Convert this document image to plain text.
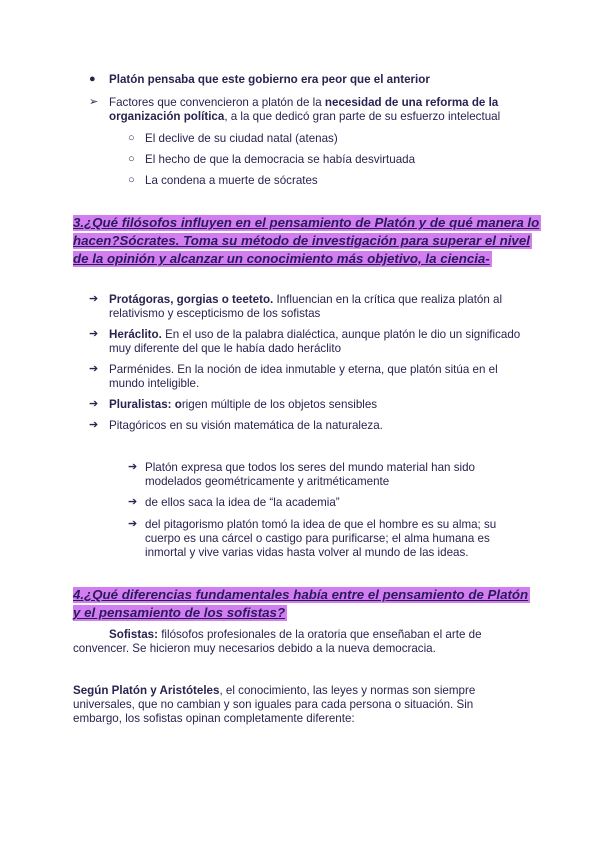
● Platón pensaba que este gobierno era peor que el anterior
➢ Factores que convencieron a platón de la necesidad de una reforma de la
organización política, a la que dedicó gran parte de su esfuerzo intelectual
○ El declive de su ciudad natal (atenas)
○ El hecho de que la democracia se había desvirtuada
○ La condena a muerte de sócrates
3.¿Qué filósofos influyen en el pensamiento de Platón y de qué manera lo
hacen?Sócrates. Toma su método de investigación para superar el nivel
de la opinión y alcanzar un conocimiento más objetivo, la ciencia-
➔ Protágoras, gorgias o teeteto. Influencian en la crítica que realiza platón al
relativismo y escepticismo de los sofistas
➔ Heráclito. En el uso de la palabra dialéctica, aunque platón le dio un significado
muy diferente del que le había dado heráclito
➔ Parménides. En la noción de idea inmutable y eterna, que platón sitúa en el
mundo inteligible.
➔ Pluralistas: origen múltiple de los objetos sensibles
➔ Pitagóricos en su visión matemática de la naturaleza.
➔ Platón expresa que todos los seres del mundo material han sido
modelados geométricamente y aritméticamente
➔ de ellos saca la idea de “la academia”
➔ del pitagorismo platón tomó la idea de que el hombre es su alma; su
cuerpo es una cárcel o castigo para purificarse; el alma humana es
inmortal y vive varias vidas hasta volver al mundo de las ideas.
4.¿Qué diferencias fundamentales había entre el pensamiento de Platón
y el pensamiento de los sofistas?
Sofistas: filósofos profesionales de la oratoria que enseñaban el arte de
convencer. Se hicieron muy necesarios debido a la nueva democracia.
Según Platón y Aristóteles, el conocimiento, las leyes y normas son siempre
universales, que no cambian y son iguales para cada persona o situación. Sin
embargo, los sofistas opinan completamente diferente:
